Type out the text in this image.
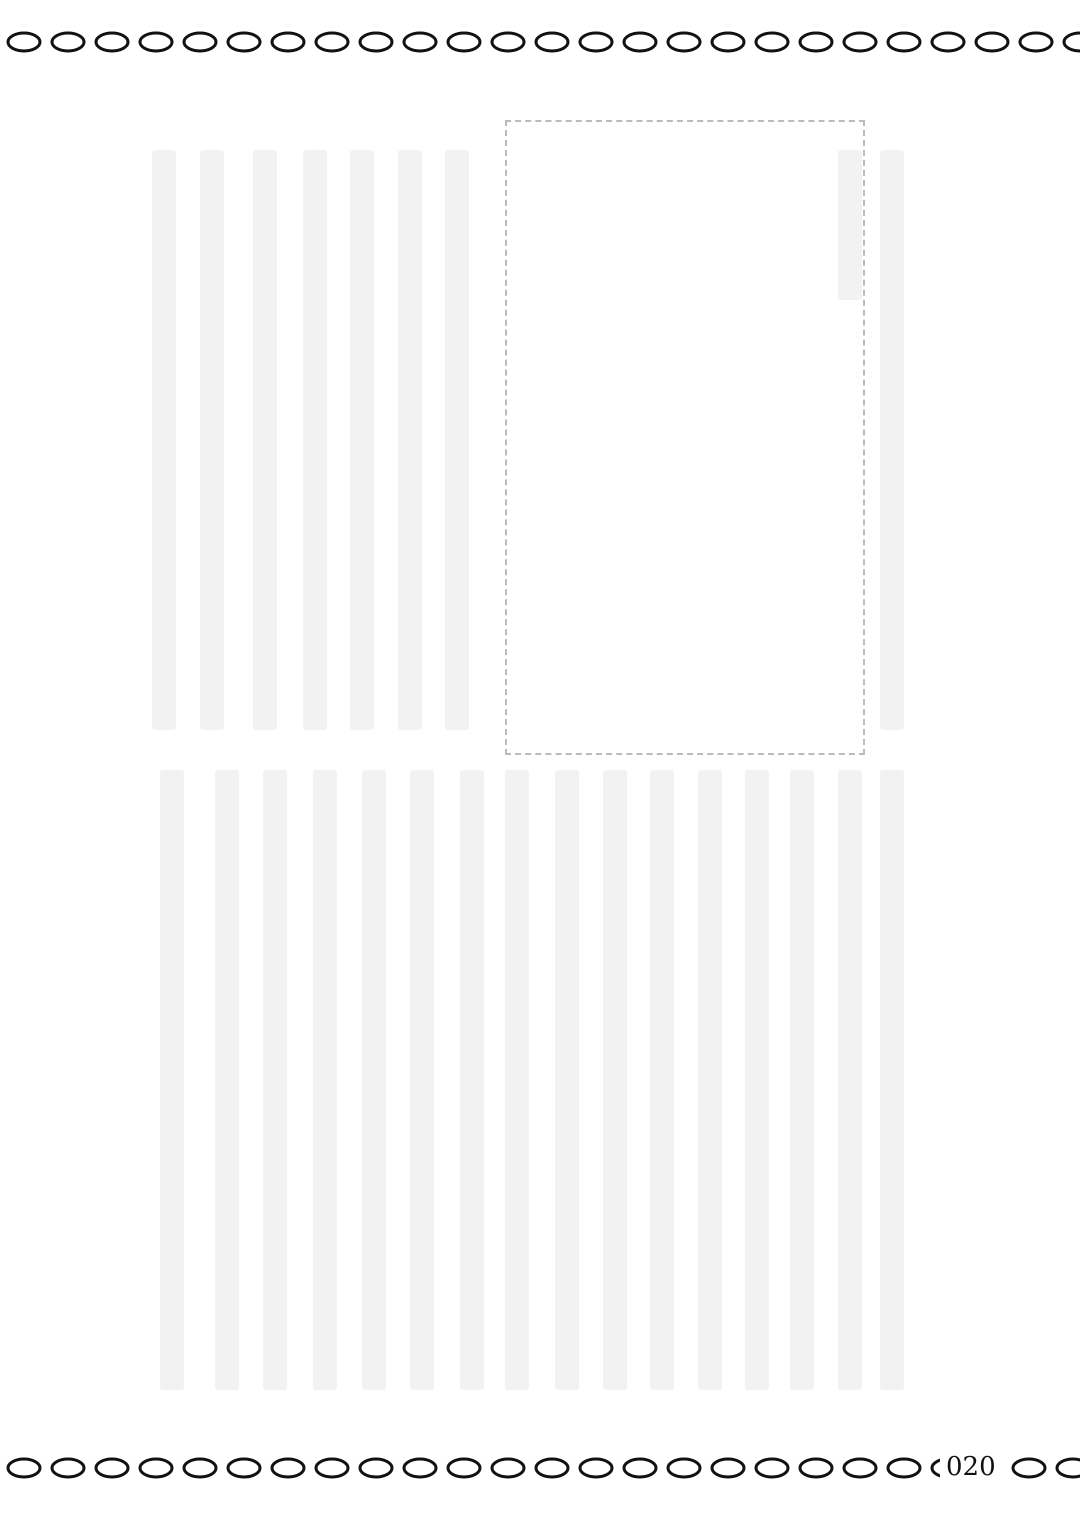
020
